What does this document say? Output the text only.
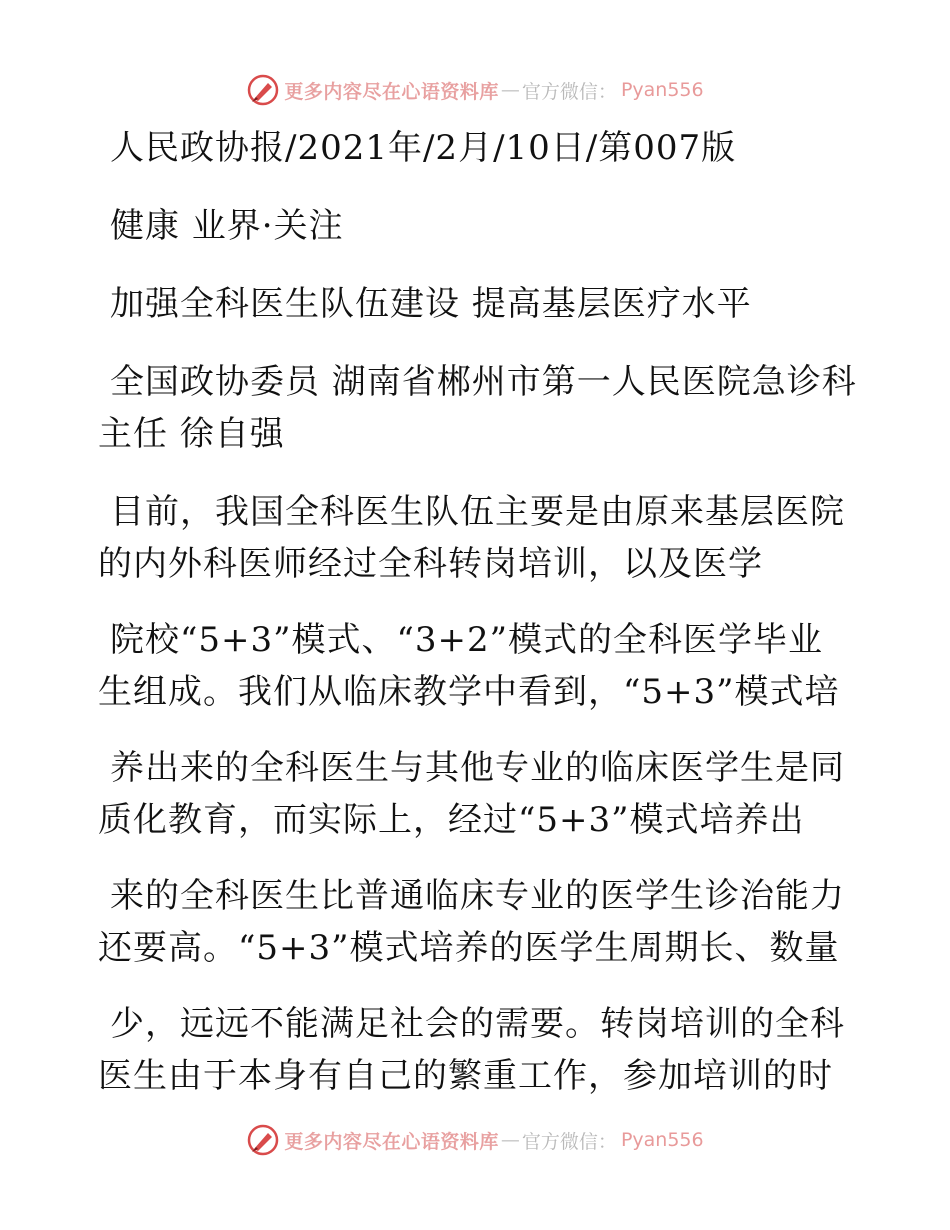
更多内容尽在心语资料库 — 官方微信： Pyan556
人民政协报/2021年/2月/10日/第007版
健康 业界·关注
加强全科医生队伍建设 提高基层医疗水平
全国政协委员 湖南省郴州市第一人民医院急诊科
主任 徐自强
目前，我国全科医生队伍主要是由原来基层医院
的内外科医师经过全科转岗培训，以及医学
院校“5+3”模式、“3+2”模式的全科医学毕业
生组成。我们从临床教学中看到，“5+3”模式培
养出来的全科医生与其他专业的临床医学生是同
质化教育，而实际上，经过“5+3”模式培养出
来的全科医生比普通临床专业的医学生诊治能力
还要高。“5+3”模式培养的医学生周期长、数量
少，远远不能满足社会的需要。转岗培训的全科
医生由于本身有自己的繁重工作，参加培训的时
更多内容尽在心语资料库 — 官方微信： Pyan556
